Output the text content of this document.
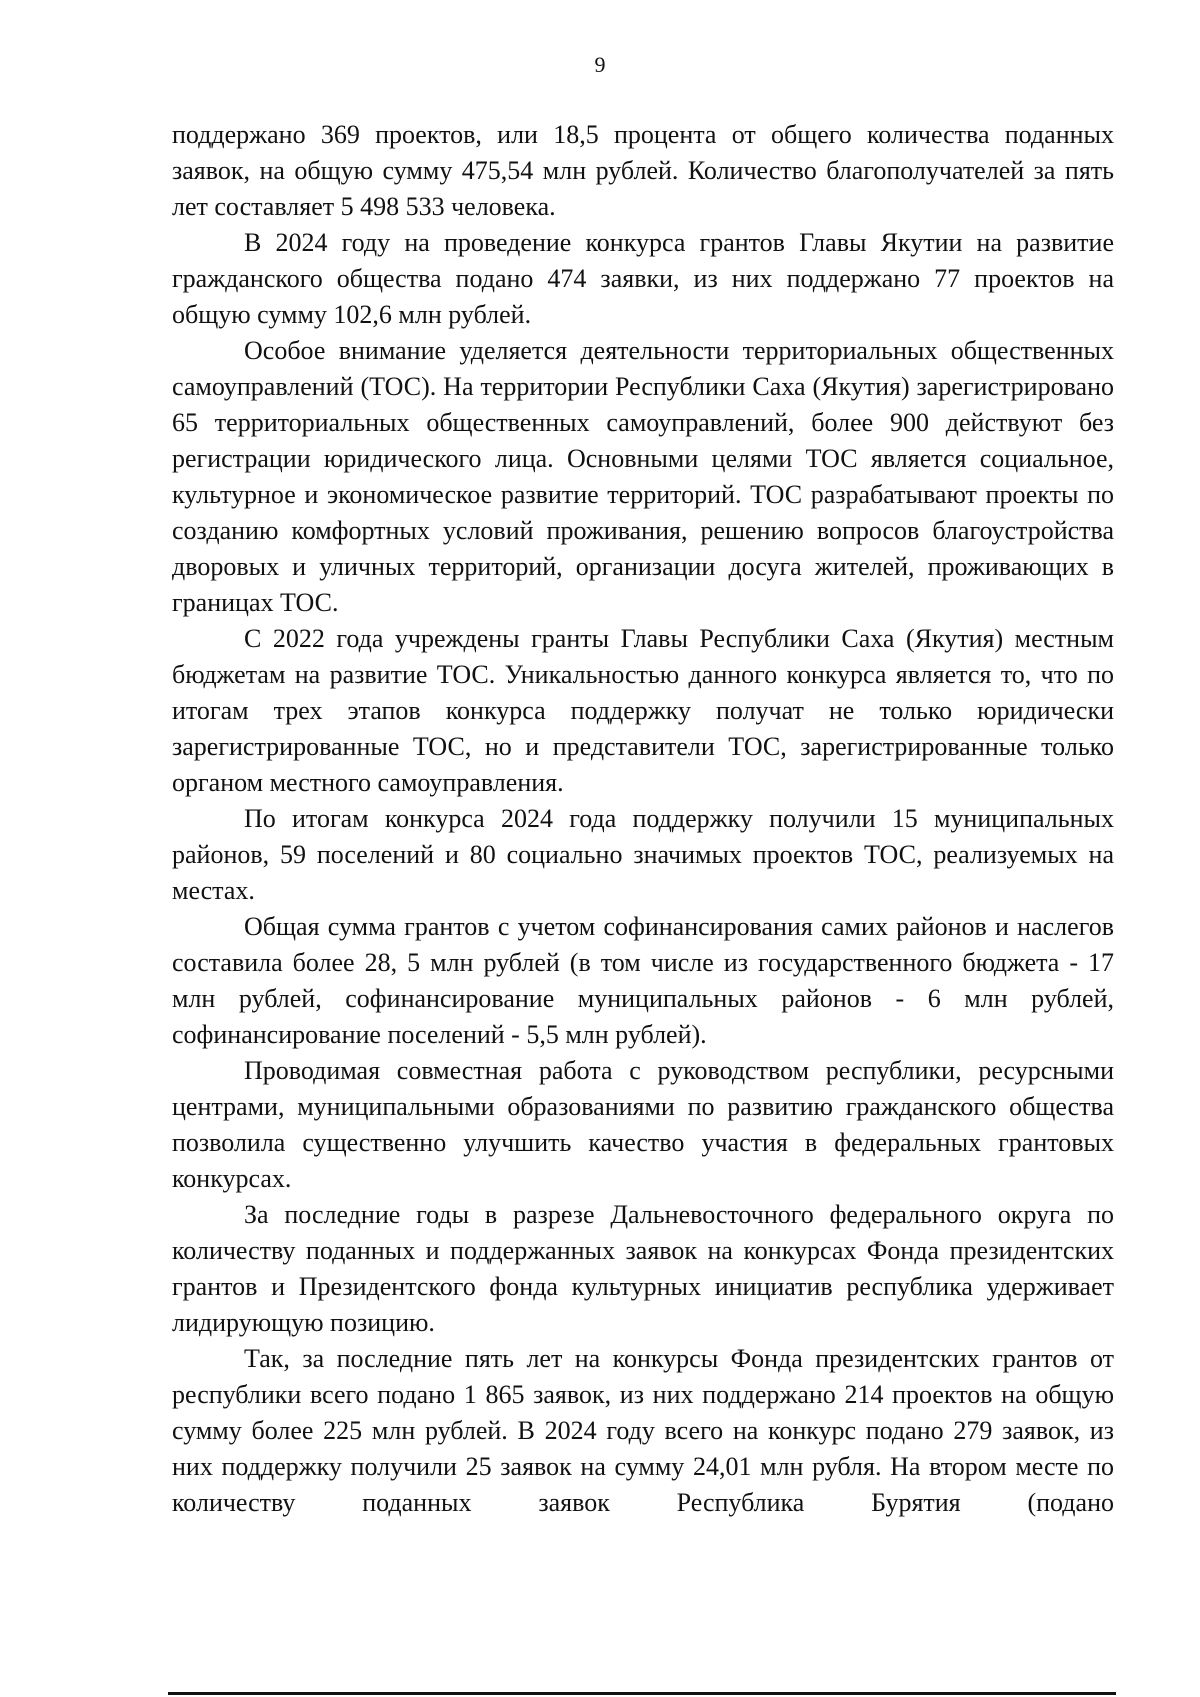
9

поддержано 369 проектов, или 18,5 процента от общего количества поданных заявок, на общую сумму 475,54 млн рублей. Количество благополучателей за пять лет составляет 5 498 533 человека.

В 2024 году на проведение конкурса грантов Главы Якутии на развитие гражданского общества подано 474 заявки, из них поддержано 77 проектов на общую сумму 102,6 млн рублей.

Особое внимание уделяется деятельности территориальных общественных самоуправлений (ТОС). На территории Республики Саха (Якутия) зарегистрировано 65 территориальных общественных самоуправлений, более 900 действуют без регистрации юридического лица. Основными целями ТОС является социальное, культурное и экономическое развитие территорий. ТОС разрабатывают проекты по созданию комфортных условий проживания, решению вопросов благоустройства дворовых и уличных территорий, организации досуга жителей, проживающих в границах ТОС.

С 2022 года учреждены гранты Главы Республики Саха (Якутия) местным бюджетам на развитие ТОС. Уникальностью данного конкурса является то, что по итогам трех этапов конкурса поддержку получат не только юридически зарегистрированные ТОС, но и представители ТОС, зарегистрированные только органом местного самоуправления.

По итогам конкурса 2024 года поддержку получили 15 муниципальных районов, 59 поселений и 80 социально значимых проектов ТОС, реализуемых на местах.

Общая сумма грантов с учетом софинансирования самих районов и наслегов составила более 28, 5 млн рублей (в том числе из государственного бюджета - 17 млн рублей, софинансирование муниципальных районов - 6 млн рублей, софинансирование поселений - 5,5 млн рублей).

Проводимая совместная работа с руководством республики, ресурсными центрами, муниципальными образованиями по развитию гражданского общества позволила существенно улучшить качество участия в федеральных грантовых конкурсах.

За последние годы в разрезе Дальневосточного федерального округа по количеству поданных и поддержанных заявок на конкурсах Фонда президентских грантов и Президентского фонда культурных инициатив республика удерживает лидирующую позицию.

Так, за последние пять лет на конкурсы Фонда президентских грантов от республики всего подано 1 865 заявок, из них поддержано 214 проектов на общую сумму более 225 млн рублей. В 2024 году всего на конкурс подано 279 заявок, из них поддержку получили 25 заявок на сумму 24,01 млн рубля. На втором месте по количеству поданных заявок Республика Бурятия (подано
